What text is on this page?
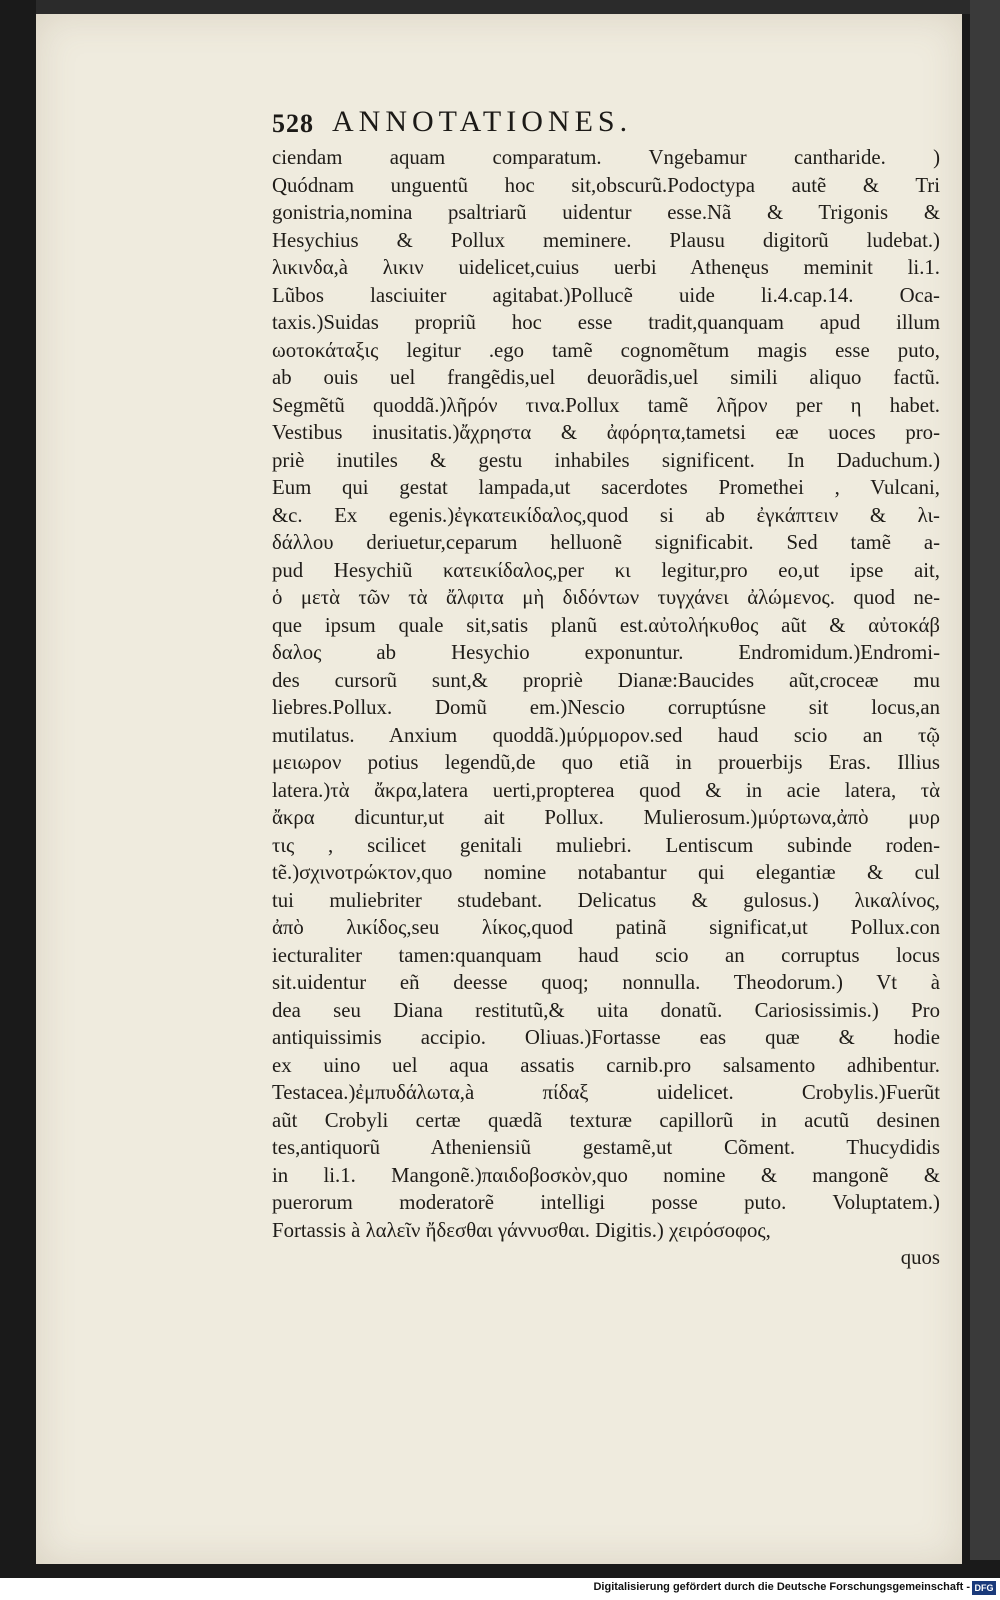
528 ANNOTATIONES.
ciendam aquam comparatum. Vngebamur cantharide. )
Quódnam unguentũ hoc sit,obscurũ.Podoctypa autẽ & Tri
gonistria,nomina psaltriarũ uidentur esse.Nã & Trigonis &
Hesychius & Pollux meminere. Plausu digitorũ ludebat.)
λικινδα,à λικιν uidelicet,cuius uerbi Athenęus meminit li.1.
Lũbos lasciuiter agitabat.)Pollucẽ uide li.4.cap.14. Oca-
taxis.)Suidas propriũ hoc esse tradit,quanquam apud illum
ωοτοκάταξις legitur .ego tamẽ cognomẽtum magis esse puto,
ab ouis uel frangẽdis,uel deuorãdis,uel simili aliquo factũ.
Segmẽtũ quoddã.)λῆρόν τινα.Pollux tamẽ λῆρον per η habet.
Vestibus inusitatis.)ἄχρηστα & ἀφόρητα,tametsi eæ uoces pro-
priè inutiles & gestu inhabiles significent. In Daduchum.)
Eum qui gestat lampada,ut sacerdotes Promethei , Vulcani,
&c. Ex egenis.)ἐγκατεικίδαλος,quod si ab ἐγκάπτειν & λι-
δάλλου deriuetur,ceparum helluonẽ significabit. Sed tamẽ a-
pud Hesychiũ κατεικίδαλος,per κι legitur,pro eo,ut ipse ait,
ὁ μετὰ τῶν τὰ ἄλφιτα μὴ διδόντων τυγχάνει ἀλώμενος. quod ne-
que ipsum quale sit,satis planũ est.αὐτολήκυθος aũt & αὐτοκάβ
δαλος ab Hesychio exponuntur. Endromidum.)Endromi-
des cursorũ sunt,& propriè Dianæ:Baucides aũt,croceæ mu
liebres.Pollux. Domũ em.)Nescio corruptúsne sit locus,an
mutilatus. Anxium quoddã.)μύρμορον.sed haud scio an τῷ
μειωρον potius legendũ,de quo etiã in prouerbijs Eras. Illius
latera.)τὰ ἄκρα,latera uerti,propterea quod & in acie latera, τὰ
ἄκρα dicuntur,ut ait Pollux. Mulierosum.)μύρτωνα,ἀπὸ μυρ
τις , scilicet genitali muliebri. Lentiscum subinde roden-
tẽ.)σχινοτρώκτον,quo nomine notabantur qui elegantiæ & cul
tui muliebriter studebant. Delicatus & gulosus.) λικαλίνος,
ἀπὸ λικίδος,seu λίκος,quod patinã significat,ut Pollux.con
iecturaliter tamen:quanquam haud scio an corruptus locus
sit.uidentur eñ deesse quoq; nonnulla. Theodorum.) Vt à
dea seu Diana restitutũ,& uita donatũ. Cariosissimis.) Pro
antiquissimis accipio. Oliuas.)Fortasse eas quæ & hodie
ex uino uel aqua assatis carnib.pro salsamento adhibentur.
Testacea.)ἐμπυδάλωτα,à πίδαξ uidelicet. Crobylis.)Fuerũt
aũt Crobyli certæ quædã texturæ capillorũ in acutũ desinen
tes,antiquorũ Atheniensiũ gestamẽ,ut Cõment. Thucydidis
in li.1. Mangonẽ.)παιδοβοσκὸν,quo nomine & mangonẽ &
puerorum moderatorẽ intelligi posse puto. Voluptatem.)
Fortassis à λαλεῖν ἤδεσθαι γάννυσθαι. Digitis.) χειρόσοφος,
quos
Digitalisierung gefördert durch die Deutsche Forschungsgemeinschaft - DFG
